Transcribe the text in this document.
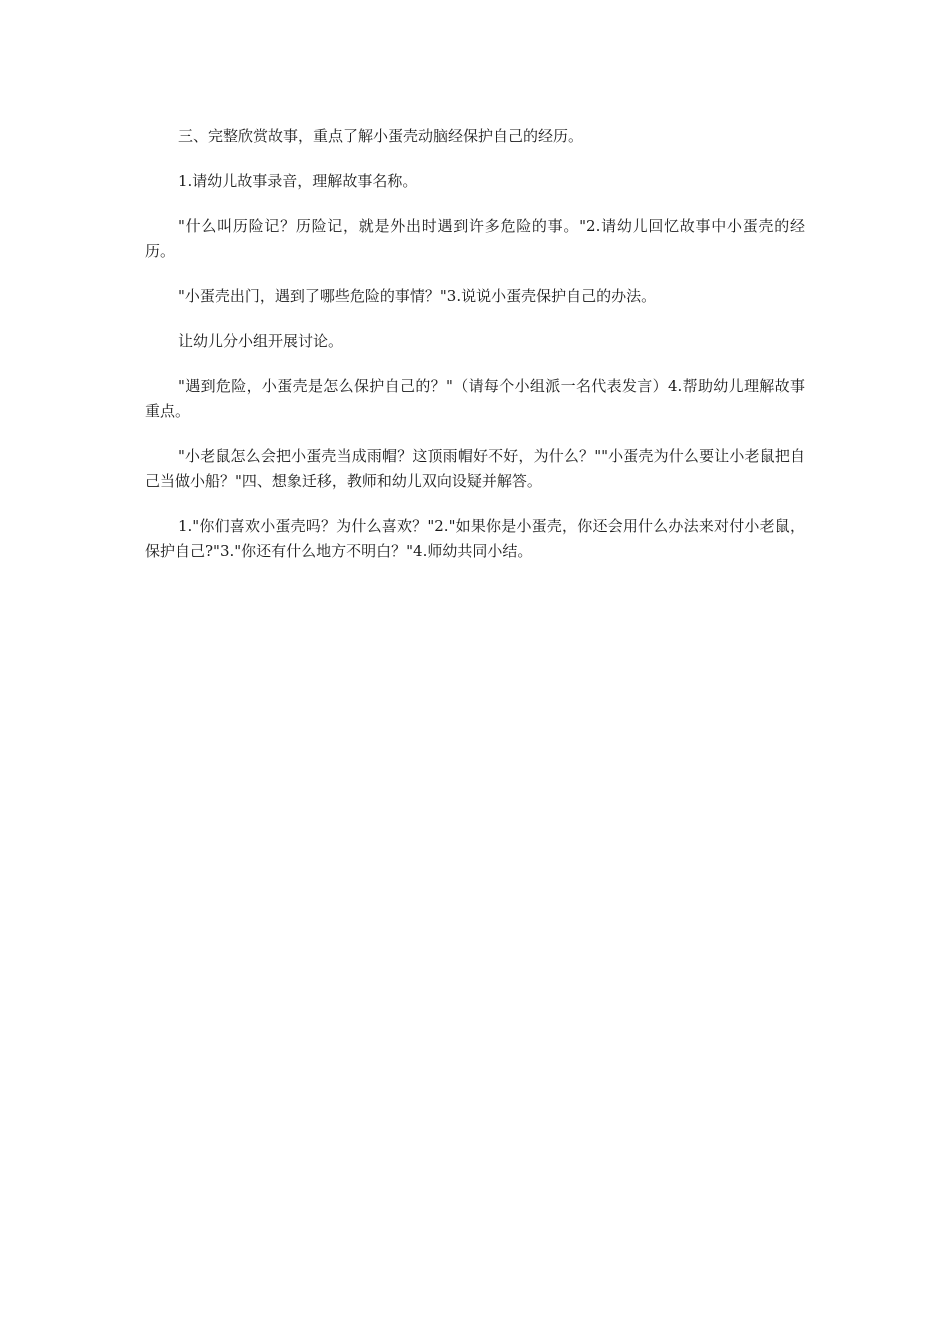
三、完整欣赏故事，重点了解小蛋壳动脑经保护自己的经历。

1.请幼儿故事录音，理解故事名称。

"什么叫历险记？历险记，就是外出时遇到许多危险的事。"2.请幼儿回忆故事中小蛋壳的经历。

"小蛋壳出门，遇到了哪些危险的事情？"3.说说小蛋壳保护自己的办法。

让幼儿分小组开展讨论。

"遇到危险，小蛋壳是怎么保护自己的？"（请每个小组派一名代表发言）4.帮助幼儿理解故事重点。

"小老鼠怎么会把小蛋壳当成雨帽？这顶雨帽好不好，为什么？""小蛋壳为什么要让小老鼠把自己当做小船？"四、想象迁移，教师和幼儿双向设疑并解答。

1."你们喜欢小蛋壳吗？为什么喜欢？"2."如果你是小蛋壳，你还会用什么办法来对付小老鼠，保护自己?"3."你还有什么地方不明白？"4.师幼共同小结。
